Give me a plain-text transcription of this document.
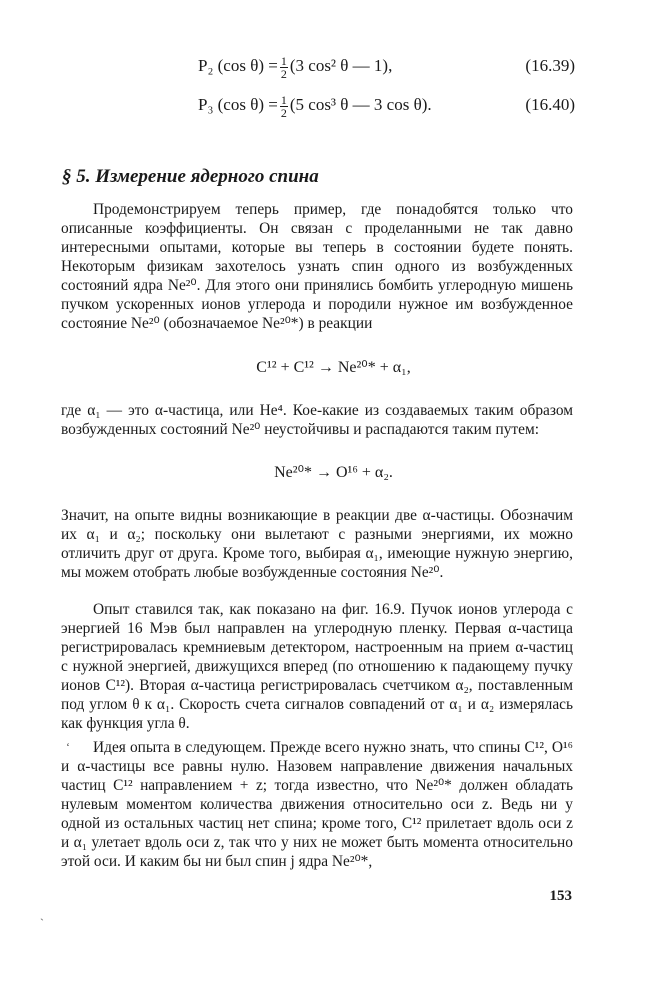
P₂ (cos $\theta) = \frac{1}{2} (3$ cos² θ — 1),	(16.39)
P₃ (cos $\theta) = \frac{1}{2} (5$ cos³ θ — 3 cos θ).	(16.40)
§ 5. Измерение ядерного спина

Продемонстрируем теперь пример, где понадобятся только что описанные коэффициенты. Он связан с проделанными не так давно интересными опытами, которые вы теперь в состоянии будете понять. Некоторым физикам захотелось узнать спин одного из возбужденных состояний ядра Ne²⁰. Для этого они принялись бомбить углеродную мишень пучком ускоренных ионов углерода и породили нужное им возбужденное состояние Ne²⁰ (обозначаемое Ne²⁰*) в реакции

C¹² + C¹² → Ne²⁰* + α₁,

где α₁ — это α-частица, или He⁴. Кое-какие из создаваемых таким образом возбужденных состояний Ne²⁰ неустойчивы и распадаются таким путем:

Ne²⁰* → O¹⁶ + α₂.

Значит, на опыте видны возникающие в реакции две α-частицы. Обозначим их α₁ и α₂; поскольку они вылетают с разными энергиями, их можно отличить друг от друга. Кроме того, выбирая α₁, имеющие нужную энергию, мы можем отобрать любые возбужденные состояния Ne²⁰.

Опыт ставился так, как показано на фиг. 16.9. Пучок ионов углерода с энергией 16 Мэв был направлен на углеродную пленку. Первая α-частица регистрировалась кремниевым детектором, настроенным на прием α-частиц с нужной энергией, движущихся вперед (по отношению к падающему пучку ионов C¹²). Вторая α-частица регистрировалась счетчиком α₂, поставленным под углом θ к α₁. Скорость счета сигналов совпадений от α₁ и α₂ измерялась как функция угла θ.

‘	Идея опыта в следующем. Прежде всего нужно знать, что спины C¹², O¹⁶ и α-частицы все равны нулю. Назовем направление движения начальных частиц C¹² направлением + z; тогда известно, что Ne²⁰* должен обладать нулевым моментом количества движения относительно оси z. Ведь ни у одной из остальных частиц нет спина; кроме того, C¹² прилетает вдоль оси z и α₁ улетает вдоль оси z, так что у них не может быть момента относительно этой оси. И каким бы ни был спин j ядра Ne²⁰*,

ˋ
153
